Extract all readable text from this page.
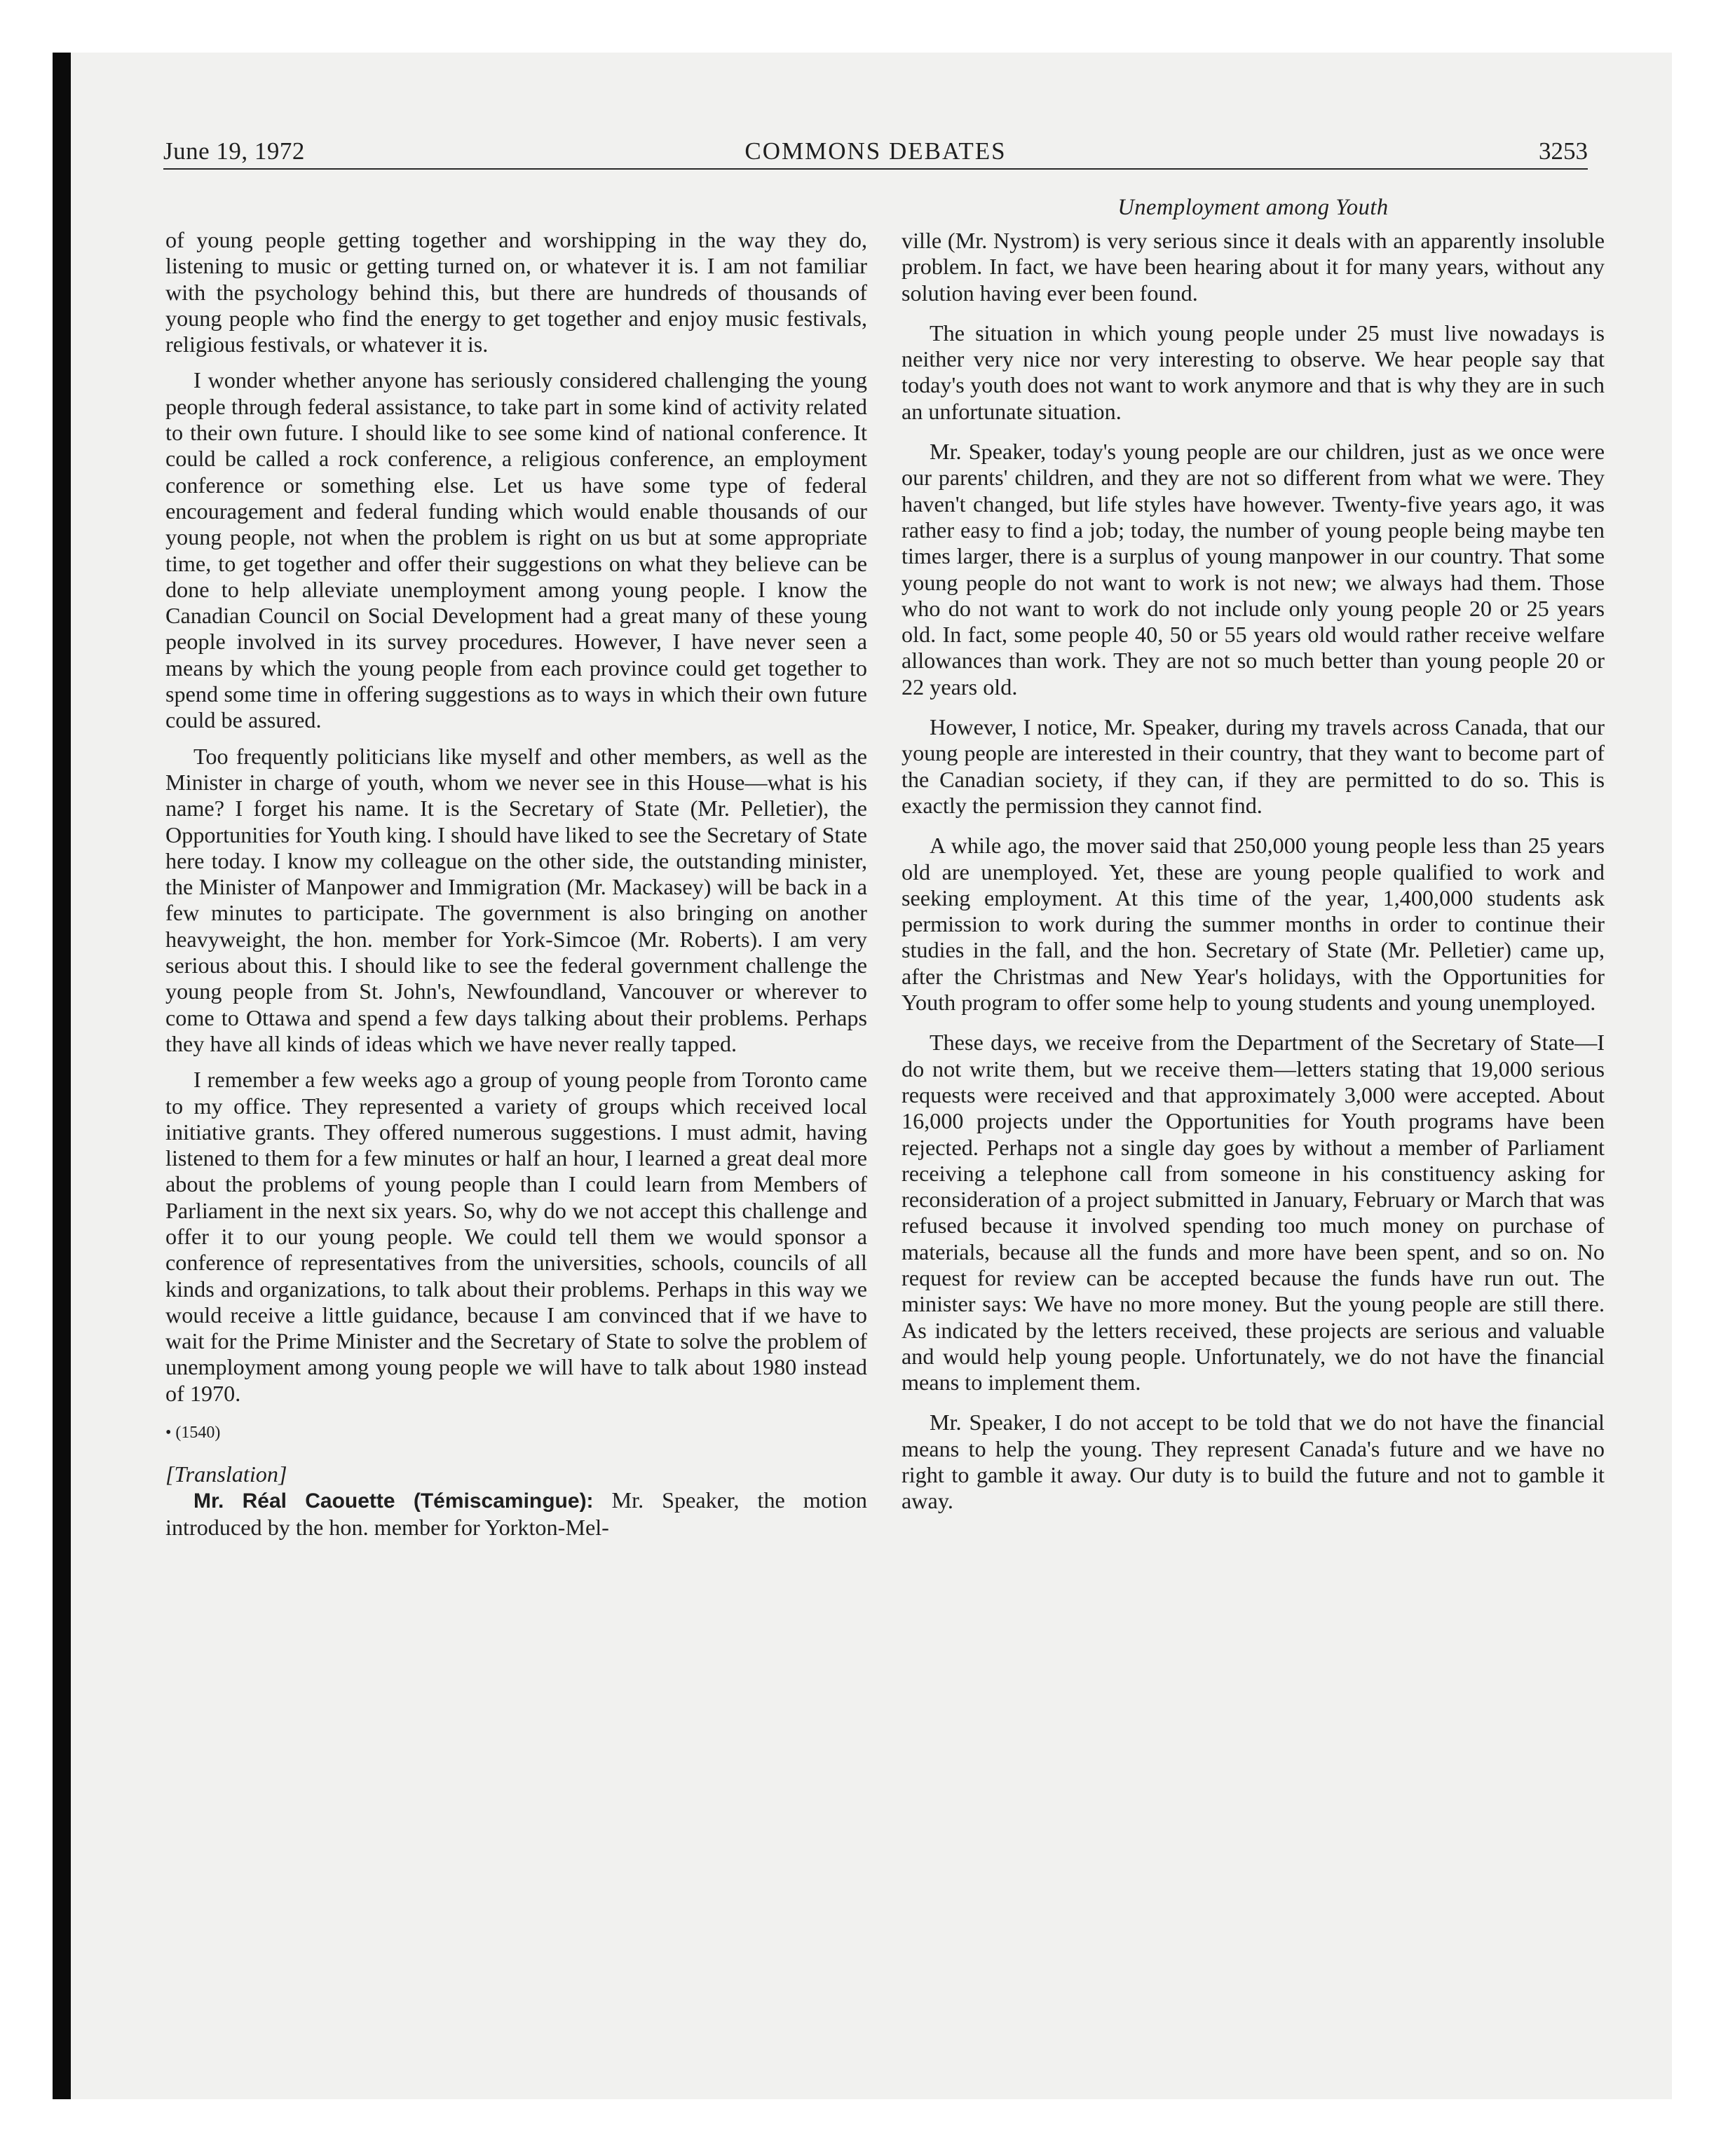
June 19, 1972	COMMONS DEBATES	3253

of young people getting together and worshipping in the way they do, listening to music or getting turned on, or whatever it is. I am not familiar with the psychology behind this, but there are hundreds of thousands of young people who find the energy to get together and enjoy music festivals, religious festivals, or whatever it is.

I wonder whether anyone has seriously considered challenging the young people through federal assistance, to take part in some kind of activity related to their own future. I should like to see some kind of national conference. It could be called a rock conference, a religious conference, an employment conference or something else. Let us have some type of federal encouragement and federal funding which would enable thousands of our young people, not when the problem is right on us but at some appropriate time, to get together and offer their suggestions on what they believe can be done to help alleviate unemployment among young people. I know the Canadian Council on Social Development had a great many of these young people involved in its survey procedures. However, I have never seen a means by which the young people from each province could get together to spend some time in offering suggestions as to ways in which their own future could be assured.

Too frequently politicians like myself and other members, as well as the Minister in charge of youth, whom we never see in this House—what is his name? I forget his name. It is the Secretary of State (Mr. Pelletier), the Opportunities for Youth king. I should have liked to see the Secretary of State here today. I know my colleague on the other side, the outstanding minister, the Minister of Manpower and Immigration (Mr. Mackasey) will be back in a few minutes to participate. The government is also bringing on another heavyweight, the hon. member for York-Simcoe (Mr. Roberts). I am very serious about this. I should like to see the federal government challenge the young people from St. John's, Newfoundland, Vancouver or wherever to come to Ottawa and spend a few days talking about their problems. Perhaps they have all kinds of ideas which we have never really tapped.

I remember a few weeks ago a group of young people from Toronto came to my office. They represented a variety of groups which received local initiative grants. They offered numerous suggestions. I must admit, having listened to them for a few minutes or half an hour, I learned a great deal more about the problems of young people than I could learn from Members of Parliament in the next six years. So, why do we not accept this challenge and offer it to our young people. We could tell them we would sponsor a conference of representatives from the universities, schools, councils of all kinds and organizations, to talk about their problems. Perhaps in this way we would receive a little guidance, because I am convinced that if we have to wait for the Prime Minister and the Secretary of State to solve the problem of unemployment among young people we will have to talk about 1980 instead of 1970.

• (1540)
[Translation]

Mr. Réal Caouette (Témiscamingue): Mr. Speaker, the motion introduced by the hon. member for Yorkton-Mel-

Unemployment among Youth

ville (Mr. Nystrom) is very serious since it deals with an apparently insoluble problem. In fact, we have been hearing about it for many years, without any solution having ever been found.

The situation in which young people under 25 must live nowadays is neither very nice nor very interesting to observe. We hear people say that today's youth does not want to work anymore and that is why they are in such an unfortunate situation.

Mr. Speaker, today's young people are our children, just as we once were our parents' children, and they are not so different from what we were. They haven't changed, but life styles have however. Twenty-five years ago, it was rather easy to find a job; today, the number of young people being maybe ten times larger, there is a surplus of young manpower in our country. That some young people do not want to work is not new; we always had them. Those who do not want to work do not include only young people 20 or 25 years old. In fact, some people 40, 50 or 55 years old would rather receive welfare allowances than work. They are not so much better than young people 20 or 22 years old.

However, I notice, Mr. Speaker, during my travels across Canada, that our young people are interested in their country, that they want to become part of the Canadian society, if they can, if they are permitted to do so. This is exactly the permission they cannot find.

A while ago, the mover said that 250,000 young people less than 25 years old are unemployed. Yet, these are young people qualified to work and seeking employment. At this time of the year, 1,400,000 students ask permission to work during the summer months in order to continue their studies in the fall, and the hon. Secretary of State (Mr. Pelletier) came up, after the Christmas and New Year's holidays, with the Opportunities for Youth program to offer some help to young students and young unemployed.

These days, we receive from the Department of the Secretary of State—I do not write them, but we receive them—letters stating that 19,000 serious requests were received and that approximately 3,000 were accepted. About 16,000 projects under the Opportunities for Youth programs have been rejected. Perhaps not a single day goes by without a member of Parliament receiving a telephone call from someone in his constituency asking for reconsideration of a project submitted in January, February or March that was refused because it involved spending too much money on purchase of materials, because all the funds and more have been spent, and so on. No request for review can be accepted because the funds have run out. The minister says: We have no more money. But the young people are still there. As indicated by the letters received, these projects are serious and valuable and would help young people. Unfortunately, we do not have the financial means to implement them.

Mr. Speaker, I do not accept to be told that we do not have the financial means to help the young. They represent Canada's future and we have no right to gamble it away. Our duty is to build the future and not to gamble it away.
